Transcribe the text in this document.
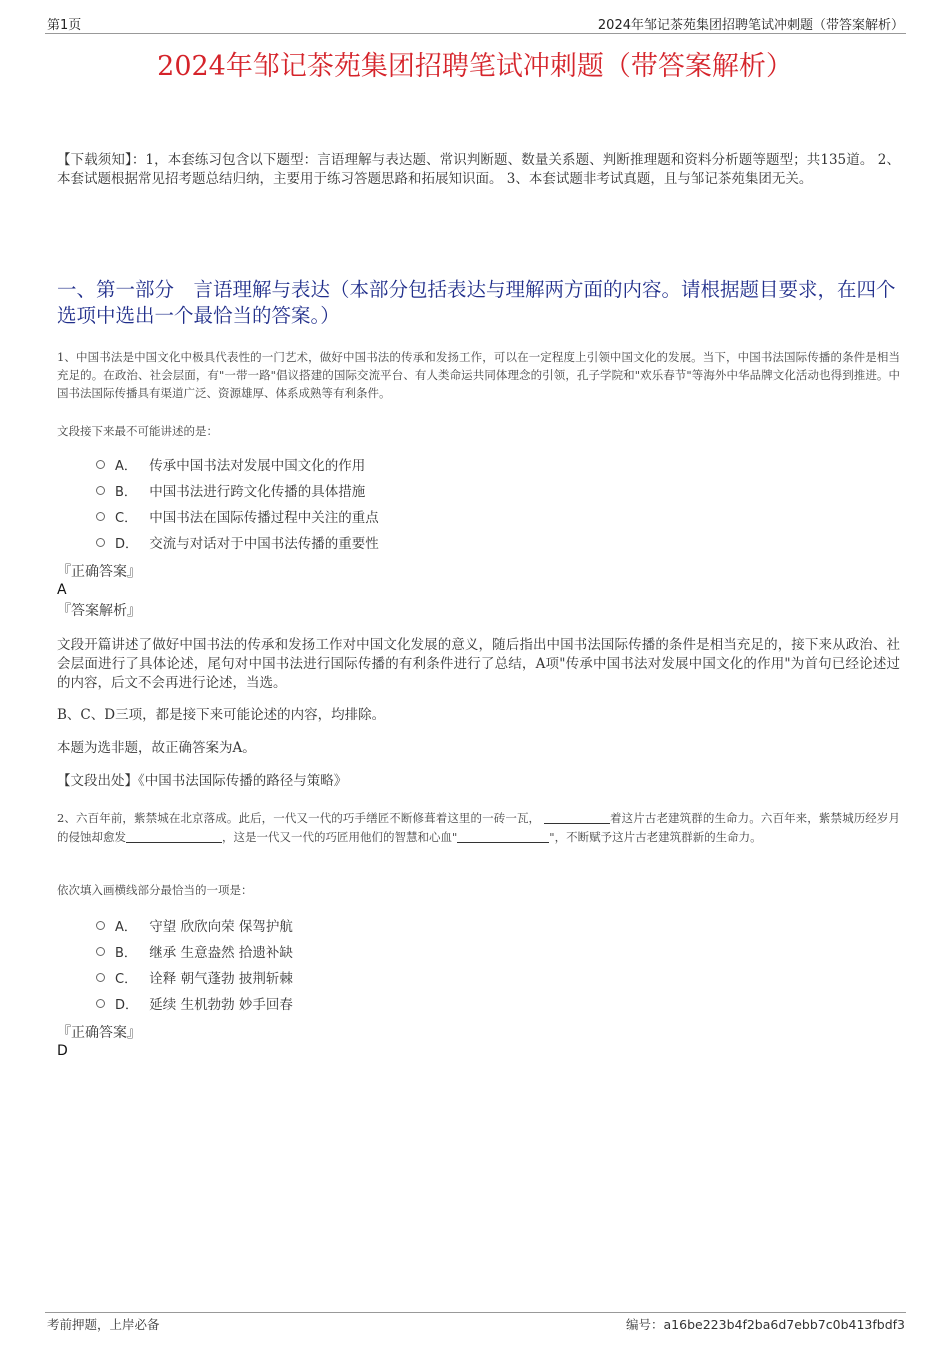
第1页	2024年邹记茶苑集团招聘笔试冲刺题（带答案解析）
2024年邹记茶苑集团招聘笔试冲刺题（带答案解析）
【下载须知】：1，本套练习包含以下题型：言语理解与表达题、常识判断题、数量关系题、判断推理题和资料分析题等题型；共135道。 2、本套试题根据常见招考题总结归纳，主要用于练习答题思路和拓展知识面。 3、本套试题非考试真题，且与邹记茶苑集团无关。
一、第一部分　言语理解与表达（本部分包括表达与理解两方面的内容。请根据题目要求，在四个选项中选出一个最恰当的答案。）
1、中国书法是中国文化中极具代表性的一门艺术，做好中国书法的传承和发扬工作，可以在一定程度上引领中国文化的发展。当下，中国书法国际传播的条件是相当充足的。在政治、社会层面，有"一带一路"倡议搭建的国际交流平台、有人类命运共同体理念的引领，孔子学院和"欢乐春节"等海外中华品牌文化活动也得到推进。中国书法国际传播具有渠道广泛、资源雄厚、体系成熟等有利条件。
文段接下来最不可能讲述的是：
A． 传承中国书法对发展中国文化的作用
B． 中国书法进行跨文化传播的具体措施
C． 中国书法在国际传播过程中关注的重点
D． 交流与对话对于中国书法传播的重要性
『正确答案』
A
『答案解析』
文段开篇讲述了做好中国书法的传承和发扬工作对中国文化发展的意义，随后指出中国书法国际传播的条件是相当充足的，接下来从政治、社会层面进行了具体论述，尾句对中国书法进行国际传播的有利条件进行了总结，A项"传承中国书法对发展中国文化的作用"为首句已经论述过的内容，后文不会再进行论述，当选。
B、C、D三项，都是接下来可能论述的内容，均排除。
本题为选非题，故正确答案为A。
【文段出处】《中国书法国际传播的路径与策略》
2、六百年前，紫禁城在北京落成。此后，一代又一代的巧手缮匠不断修葺着这里的一砖一瓦，	着这片古老建筑群的生命力。六百年来，紫禁城历经岁月的侵蚀却愈发	，这是一代又一代的巧匠用他们的智慧和心血"	"，不断赋予这片古老建筑群新的生命力。
依次填入画横线部分最恰当的一项是：
A． 守望 欣欣向荣 保驾护航
B． 继承 生意盎然 拾遗补缺
C． 诠释 朝气蓬勃 披荆斩棘
D． 延续 生机勃勃 妙手回春
『正确答案』
D
考前押题，上岸必备	编号：a16be223b4f2ba6d7ebb7c0b413fbdf3
